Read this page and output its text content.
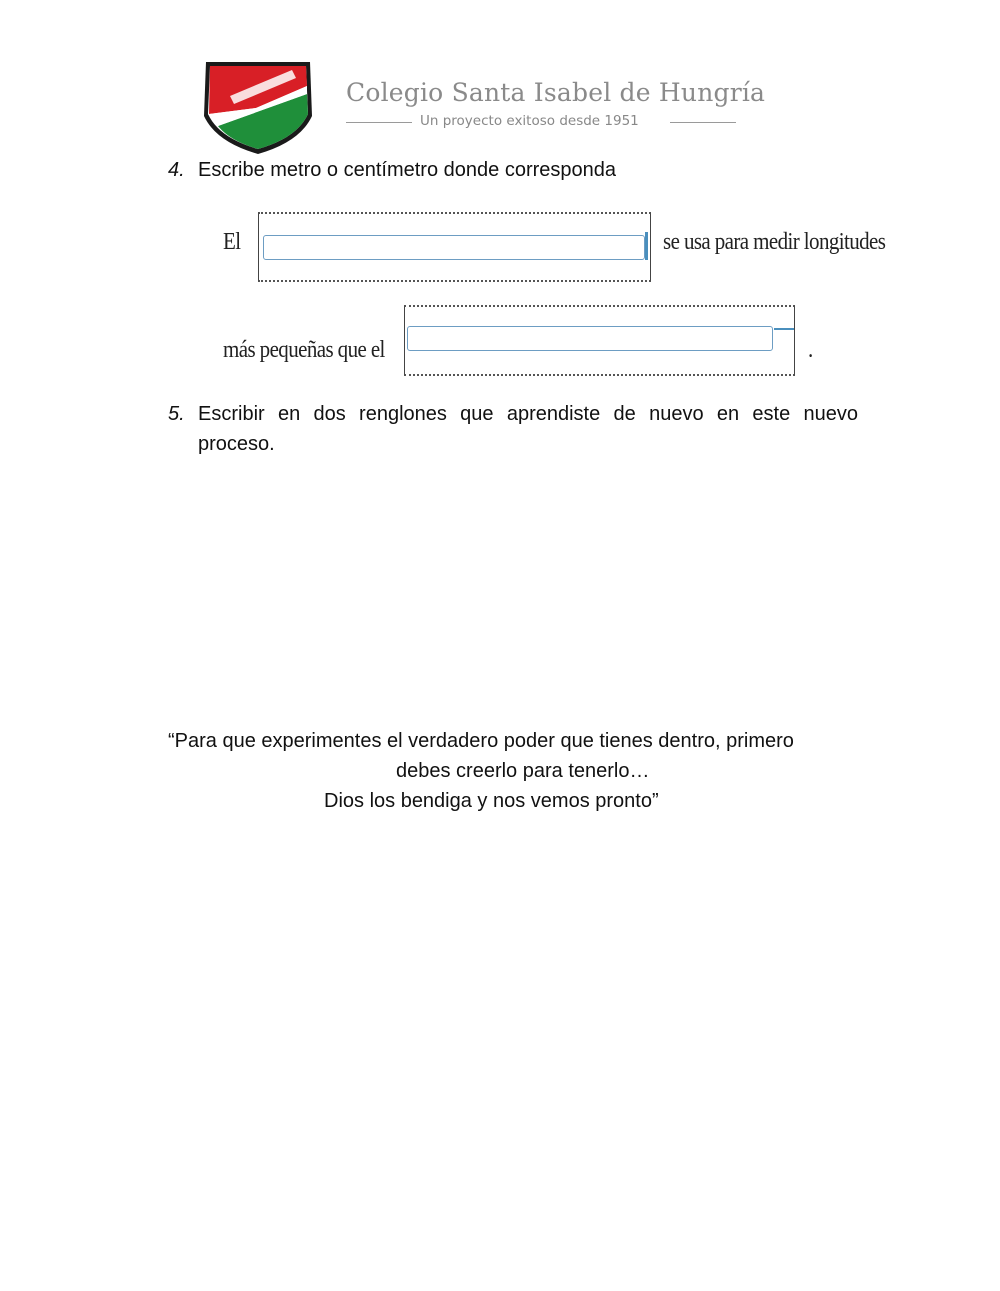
Colegio Santa Isabel de Hungría
Un proyecto exitoso desde 1951
4. Escribe metro o centímetro donde corresponda
El	se usa para medir longitudes
más pequeñas que el	.
5. Escribir en dos renglones que aprendiste de nuevo en este nuevo proceso.
“Para que experimentes el verdadero poder que tienes dentro, primero
debes creerlo para tenerlo…
Dios los bendiga y nos vemos pronto”
